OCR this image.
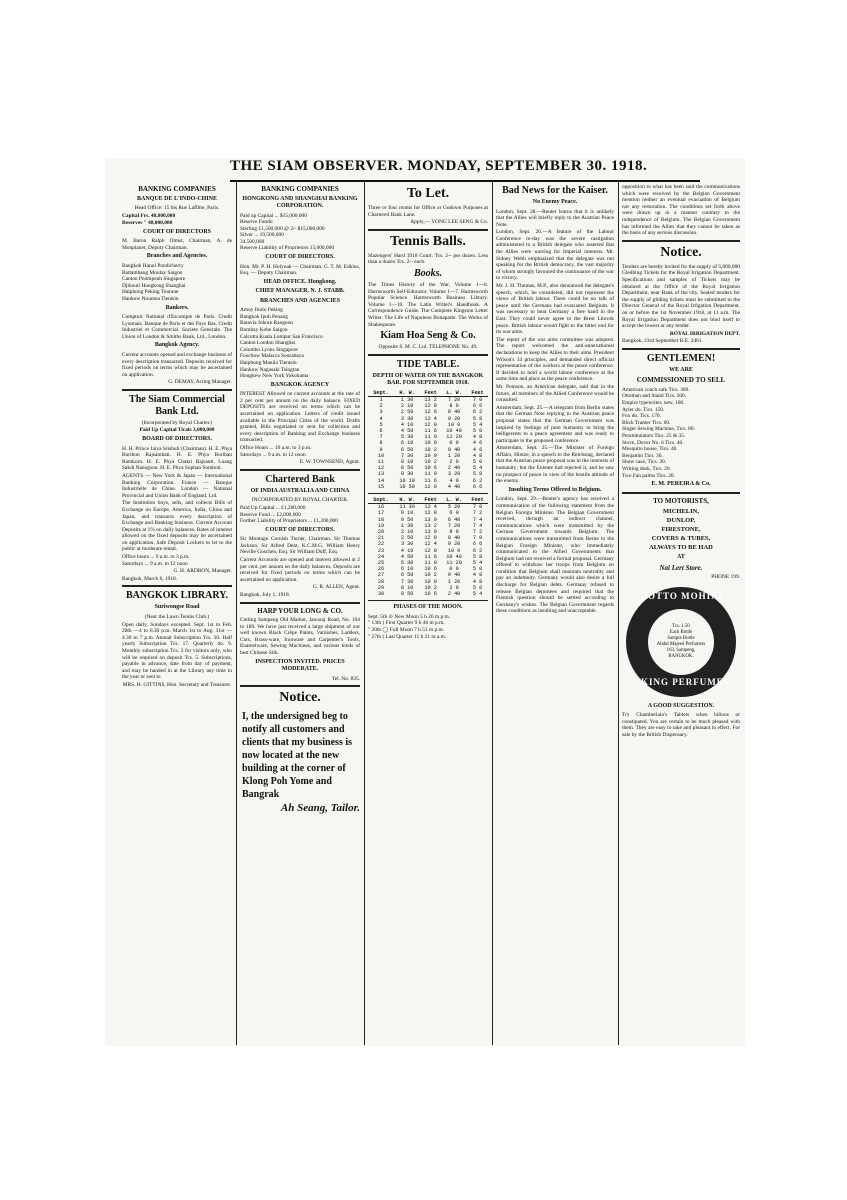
THE SIAM OBSERVER. MONDAY, SEPTEMBER 30. 1918.
BANKING COMPANIES
BANQUE DE L'INDO-CHINE
Head Office: 15 bis Rue Laffitte, Paris.
Capital Frs. 48,000,000
Reserves " 48,000,000
COURT OF DIRECTORS
M. Baron Ralph Olmst, Chairman, A. de Monplanet, Deputy Chairman.
Branches and Agencies.
Bangkok Hanoi Pondicherry
Battambang Moulay Saigon
Canton Pnompenh Singapore
Djibouti Hongkong Shanghai
Haiphong Peking Tourane
Hankow Noumea Tientsin
Bankers.
Comptoir National d'Escompte de Paris. Credit Lyonnais. Banque de Paris et des Pays Bas. Credit Industriel et Commercial. Societe Generale. The Union of London & Smiths Bank, Ltd., London.
Bangkok Agency.
Current accounts opened and exchange business of every description transacted. Deposits received for fixed periods on terms which may be ascertained on application.
G. DEMAY, Acting Manager.
The Siam Commercial Bank Ltd.
(Incorporated by Royal Charter.)
Paid Up Capital Ticals 3,000,000
BOARD OF DIRECTORS.
H. H. Prince Jaiya Srisbuti (Chairman). H. E. Phya Boribun Rajsambati. H. E. Phya Boriban Ramkorn. H. E. Phya Chakri Rajsanti. Luang Sakdi Nanogson. H. E. Phya Suphan Somboti.
AGENTS — New York & Japan — International Banking Corporation. France — Banque Industrielle de Chine. London — National Provincial and Union Bank of England, Ltd.
The Institution buys, sells, and collects Bills of Exchange on Europe, America, India, China and Japan, and transacts every description of Exchange and Banking business. Current Account Deposits at 1% on daily balances. Rates of interest allowed on the fixed deposits may be ascertained on application. Safe Deposit Lockers to let to the public at moderate rental.
Office hours ... 9 a.m. to 3 p.m.
Saturdays ... 9 a.m. to 12 noon
G. H. ARDRON, Manager.
Bangkok, March 6, 1918.
BANGKOK LIBRARY.
Suriwongse Road
(Near the Lawn Tennis Club.)
Open daily, Sundays excepted. Sept. 1st to Feb. 28th —4 to 6.30 p.m. March 1st to Aug. 31st —4.30 to 7 p.m. Annual Subscription Tcs. 30. Half yearly Subscription Tcs. 17. Quarterly do. 9. Monthly subscription Tcs. 3 for visitors only, who will be required on deposit Tcs. 5. Subscriptions, payable in advance, date from day of payment, and may be handed in at the Library any time in the year or sent to
MRS. H. GITTINS, Hon. Secretary and Treasurer.
BANKING COMPANIES
HONGKONG AND SHANGHAI BANKING CORPORATION.
Paid up Capital ... $15,000,000
Reserve Funds:
Sterling £1,500,000 @ 2/- $15,000,000
Silver ... 19,500,000
34,500,000
Reserve Liability of Proprietors 15,000,000
COURT OF DIRECTORS.
Hon. Mr. P. H. Holyoak — Chairman. G. T. M. Edkins, Esq. — Deputy Chairman.
HEAD OFFICE. Hongkong.
CHIEF MANAGER. N. J. STABB.
BRANCHES AND AGENCIES
Amoy Iloilo Peking
Bangkok Ipoh Penang
Batavia Johore Rangoon
Bombay Kobe Saigon
Calcutta Kuala Lumpur San Francisco
Canton London Shanghai
Colombo Lyons Singapore
Foochow Malacca Sourabaya
Haiphong Manila Tientsin
Hankow Nagasaki Tsingtau
Hongkew New York Yokohama
BANGKOK AGENCY
INTEREST Allowed on current accounts at the rate of 2 per cent per annum on the daily balance. FIXED DEPOSITS are received on terms which can be ascertained on application. Letters of credit issued available in the Principal Cities of the world. Drafts granted, Bills negotiated or sent for collection and every description of Banking and Exchange business transacted.
Office Hours ... 10 a.m. to 3 p.m.
Saturdays ... 9 a.m. to 12 noon
E. W. TOWNSEND, Agent.
Chartered Bank
OF INDIA AUSTRALIA AND CHINA
INCORPORATED BY ROYAL CHARTER.
Paid Up Capital ... £1,200,000
Reserve Fund ... £2,000,000
Further Liability of Proprietors ... £1,200,000
COURT OF DIRECTORS.
Sir Montagu Cornish Turner, Chairman. Sir Thomas Jackson. Sir Alfred Dent, K.C.M.G. William Henry Neville Goschen, Esq. Sir William Duff, Esq.
Current Accounts are opened and interest allowed at 2 per cent. per annum on the daily balances. Deposits are received for fixed periods on terms which can be ascertained on application.
G. R. ALLEN, Agent.
Bangkok, July 1, 1918.
HARP YOUR LONG & CO.
Cutting Sampeng Old Market, Jawaraj Road, No. 104 to 189. We have just received a large shipment of our well known Black Crêpe Paints, Varnishes, Ladders, Cots, Brass-ware, Ironware and Carpenter's Tools, Enamelware, Sewing Machines, and various kinds of best Chinese Silk.
INSPECTION INVITED. PRICES MODERATE.
Tel. No. 835.
Notice.
I, the undersigned beg to notify all customers and clients that my business is now located at the new building at the corner of Klong Poh Yome and Bangrak
Ah Seang, Tailor.
To Let.
Three or four rooms for Office or Godown Purposes at Chartered Bank Lane.
Apply,— YONG LEE SENG & Co.
Tennis Balls.
Slazengers' Hard 1918 Court. Tcs. 2-- per dozen. Less than a dozen Tcs. 2-- each.
Books.
The Times History of the War. Volume 1—8. Harmsworth Self-Educator. Volume 1—7. Harmsworth Popular Science. Harmsworth Business Library. Volume 1—10. The Latin Writer's Handbook. A Correspondence Guide. The Complete Kingston Letter Writer. The Life of Napoleon Bonaparte. The Works of Shakespeare.
Kiam Hoa Seng & Co.
Opposite S. M. C. Ltd. TELEPHONE No. 49.
TIDE TABLE.
DEPTH OF WATER ON THE BANGKOK BAR. FOR SEPTEMBER 1918.
Sept.	H. W.	Feet	L. W.	Feet
1	1 30	13 2	7 20	7 0
2	2 10	12 8	8 0	6 6
3	2 50	12 6	8 40	6 2
4	3 30	12 4	9 20	5 8
5	4 10	12 0	10 0	5 4
6	4 50	11 6	10 40	5 0
7	5 30	11 0	11 20	4 8
8	6 10	10 6	0 0	4 6
9	6 50	10 2	0 40	4 6
10	7 30	10 0	1 20	4 8
11	8 10	10 2	2 0	5 0
12	8 50	10 6	2 40	5 4
13	9 30	11 0	3 20	5 8
14	10 10	11 6	4 0	6 2
15	10 50	12 0	4 40	6 6
Sept.	H. W.	Feet	L. W.	Feet
16	11 30	12 4	5 20	7 0
17	0 10	12 8	6 0	7 2
18	0 50	13 0	6 40	7 4
19	1 30	13 2	7 20	7 4
20	2 10	13 0	8 0	7 2
21	2 50	12 8	8 40	7 0
22	3 30	12 4	9 20	6 6
23	4 10	12 0	10 0	6 2
24	4 50	11 6	10 40	5 8
25	5 30	11 0	11 20	5 4
26	6 10	10 6	0 0	5 0
27	6 50	10 2	0 40	4 8
28	7 30	10 0	1 20	4 8
29	8 10	10 2	2 0	5 0
30	8 50	10 6	2 40	5 4
PHASES OF THE MOON.
Sept. 5th ⊙ New Moon 5 h 26 m p.m.
" 13th ) First Quarter 9 h 46 m p.m.
" 20th ◯ Full Moon 7 h 51 m p.m.
" 27th ( Last Quarter 11 h 21 m a.m.
Bad News for the Kaiser.
No Enemy Peace.
London, Sept. 28.—Reuter learns that it is unlikely that the Allies will briefly reply to the Austrian Peace Note.
London, Sept. 26.—A feature of the Labour Conference to-day was the severe castigation administered to a British delegate who asserted that the Allies were warring for Imperial interests. Mr. Sidney Webb emphasized that the delegate was not speaking for the British democracy, the vast majority of whom strongly favoured the continuance of the war to victory.
Mr. J. H. Thomas, M.P., also denounced the delegate's speech, which, he considered, did not represent the views of British labour. There could be no talk of peace until the Germans had evacuated Belgium. It was necessary to beat Germany a free hand in the East. They could never agree to the Brest Litovsk peace. British labour would fight to the bitter end for its war aims.
The report of the war aims committee was adopted. The report welcomed the anti-annexationist declarations to keep the Allies to their aims. President Wilson's 14 principles, and demanded direct official representation of the workers at the peace conference. It decided to hold a world labour conference at the same time and place as the peace conference.
Mr. Pomson, an American delegate, said that in the future, all members of the Allied Conference would be consulted.
Amsterdam, Sept. 25.—A telegram from Berlin states that the German Note replying to the Austrian peace proposal states that the German Government was inspired by feelings of pure humanity to bring the belligerents to a peace agreement and was ready to participate in the proposed conference.
Amsterdam, Sept. 25.—The Minister of Foreign Affairs, Hintze, in a speech to the Reichstag, declared that the Austrian peace proposal was in the interests of humanity; but the Entente had rejected it, and he saw no prospect of peace in view of the hostile attitude of the enemy.
Insulting Terms Offered to Belgium.
London, Sept. 29.—Reuter's agency has received a communication of the following statement from the Belgian Foreign Minister. The Belgian Government received, through an indirect channel, communications which were transmitted by the German Government towards Belgium. The communications were transmitted from Berne to the Belgian Foreign Minister, who immediately communicated to the Allied Governments that Belgium had not received a formal proposal. Germany offered to withdraw her troops from Belgium on condition that Belgium shall maintain neutrality and pay an indemnity. Germany would also desire a full discharge for Belgian debts. Germany refused to release Belgian deportees and required that the Flemish question should be settled according to Germany's wishes. The Belgian Government regards these conditions as insulting and unacceptable.
opposition to what has been said the communications which were received by the Belgian Government mention neither an eventual evacuation of Belgium nor any restoration. The conditions set forth above were drawn up in a manner contrary to the independence of Belgium. The Belgian Government has informed the Allies that they cannot be taken as the basis of any serious discussion.
Notice.
Tenders are hereby invited for the supply of 5,000,000 Gledhing Tickets for the Royal Irrigation Department. Specifications and samples of Tickets may be obtained at the Office of the Royal Irrigation Department, near Bank of the city. Sealed tenders for the supply of gliding tickets must be submitted to the Director General of the Royal Irrigation Department, on or before the 1st November 1918, at 11 a.m. The Royal Irrigation Department does not bind itself to accept the lowest or any tender.
ROYAL IRRIGATION DEPT.
Bangkok, 23rd September B.E. 2461.
GENTLEMEN!
WE ARE
COMMISSIONED TO SELL
American coach safe Tics. 300.
Ottoman and Stand Tics. 200.
Empire typewriter, new, 180.
Ayler do. Tics. 150.
Fox do. Tics. 170.
Blick Tramer Tics. 60.
Singer Sewing Machine, Tics. 80.
Perambulators Tics. 25 & 35.
Stove, Dover No. 6 Tics. 40.
Mosquito house, Tics. 40.
Benjamin Tics. 30.
Show case, Tics. 30.
Writing desk, Tics. 20.
Two Fan palms Tics. 20.
E. M. PEREIRA & Co.
TO MOTORISTS,
MICHELIN,
DUNLOP,
FIRESTONE,
COVERS & TUBES,
ALWAYS TO BE HAD
AT
Nai Lert Store.
PHONE 199.
OTTO MOHINI
Tcs. 1.50
Each Bottle
Sample Bottle
Abdul Majeed Perfumers
163, Sampeng,
BANGKOK.
KING PERFUMES
A GOOD SUGGESTION.
Try Chamberlain's Tablets when bilious or constipated. You are certain to be much pleased with them. They are easy to take and pleasant in effect. For sale by the British Dispensary.
